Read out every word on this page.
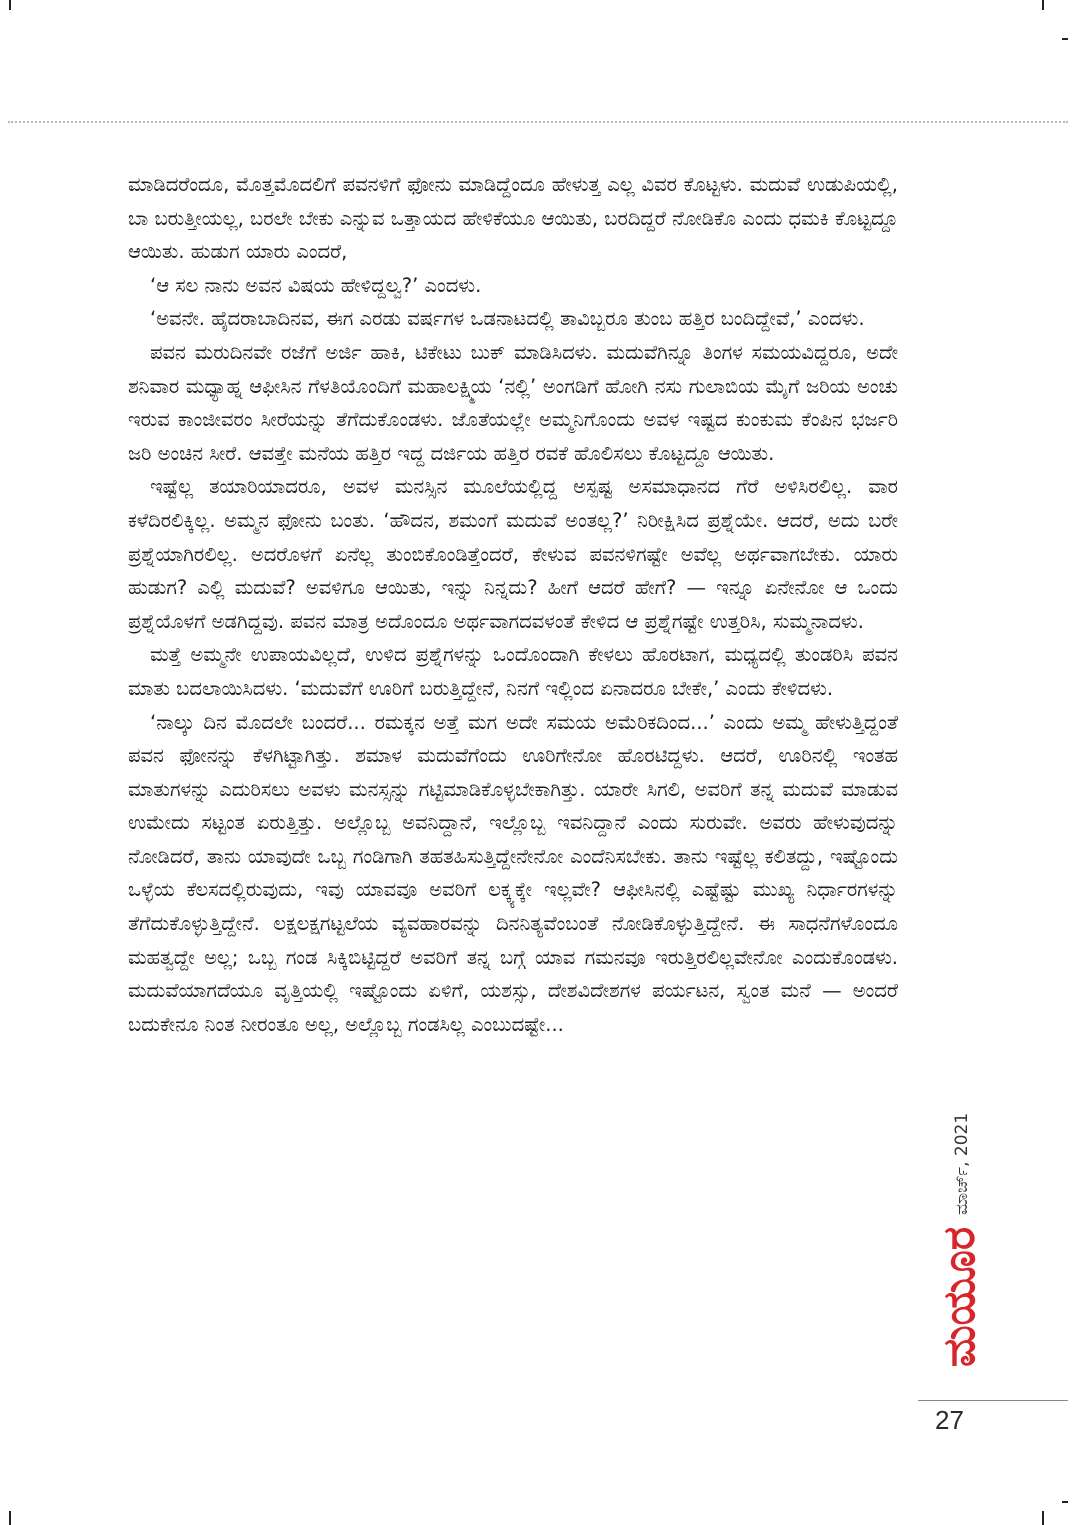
ಮಾಡಿದರೆಂದೂ, ಮೊತ್ತಮೊದಲಿಗೆ ಪವನಳಿಗೆ ಫೋನು ಮಾಡಿದ್ದೆಂದೂ ಹೇಳುತ್ತ ಎಲ್ಲ ವಿವರ ಕೊಟ್ಟಳು. ಮದುವೆ ಉಡುಪಿಯಲ್ಲಿ, ಬಾ ಬರುತ್ತೀಯಲ್ಲ, ಬರಲೇ ಬೇಕು ಎನ್ನುವ ಒತ್ತಾಯದ ಹೇಳಿಕೆಯೂ ಆಯಿತು, ಬರದಿದ್ದರೆ ನೋಡಿಕೊ ಎಂದು ಧಮಕಿ ಕೊಟ್ಟದ್ದೂ ಆಯಿತು. ಹುಡುಗ ಯಾರು ಎಂದರೆ,

‘ಆ ಸಲ ನಾನು ಅವನ ವಿಷಯ ಹೇಳಿದ್ದಲ್ವ?’ ಎಂದಳು.

‘ಅವನೇ. ಹೈದರಾಬಾದಿನವ, ಈಗ ಎರಡು ವರ್ಷಗಳ ಒಡನಾಟದಲ್ಲಿ ತಾವಿಬ್ಬರೂ ತುಂಬ ಹತ್ತಿರ ಬಂದಿದ್ದೇವೆ,’ ಎಂದಳು.

ಪವನ ಮರುದಿನವೇ ರಜೆಗೆ ಅರ್ಜಿ ಹಾಕಿ, ಟಿಕೇಟು ಬುಕ್ ಮಾಡಿಸಿದಳು. ಮದುವೆಗಿನ್ನೂ ತಿಂಗಳ ಸಮಯವಿದ್ದರೂ, ಅದೇ ಶನಿವಾರ ಮಧ್ಯಾಹ್ನ ಆಫೀಸಿನ ಗೆಳತಿಯೊಂದಿಗೆ ಮಹಾಲಕ್ಷ್ಮಿಯ ‘ನಲ್ಲಿ’ ಅಂಗಡಿಗೆ ಹೋಗಿ ನಸು ಗುಲಾಬಿಯ ಮೈಗೆ ಜರಿಯ ಅಂಚು ಇರುವ ಕಾಂಜೀವರಂ ಸೀರೆಯನ್ನು ತೆಗೆದುಕೊಂಡಳು. ಜೊತೆಯಲ್ಲೇ ಅಮ್ಮನಿಗೊಂದು ಅವಳ ಇಷ್ಟದ ಕುಂಕುಮ ಕೆಂಪಿನ ಭರ್ಜರಿ ಜರಿ ಅಂಚಿನ ಸೀರೆ. ಆವತ್ತೇ ಮನೆಯ ಹತ್ತಿರ ಇದ್ದ ದರ್ಜಿಯ ಹತ್ತಿರ ರವಕೆ ಹೊಲಿಸಲು ಕೊಟ್ಟದ್ದೂ ಆಯಿತು.

ಇಷ್ಟೆಲ್ಲ ತಯಾರಿಯಾದರೂ, ಅವಳ ಮನಸ್ಸಿನ ಮೂಲೆಯಲ್ಲಿದ್ದ ಅಸ್ಪಷ್ಟ ಅಸಮಾಧಾನದ ಗೆರೆ ಅಳಿಸಿರಲಿಲ್ಲ. ವಾರ ಕಳೆದಿರಲಿಕ್ಕಿಲ್ಲ. ಅಮ್ಮನ ಫೋನು ಬಂತು. ‘ಹೌದನ, ಶಮಂಗೆ ಮದುವೆ ಅಂತಲ್ಲ?’ ನಿರೀಕ್ಷಿಸಿದ ಪ್ರಶ್ನೆಯೇ. ಆದರೆ, ಅದು ಬರೇ ಪ್ರಶ್ನೆಯಾಗಿರಲಿಲ್ಲ. ಅದರೊಳಗೆ ಏನೆಲ್ಲ ತುಂಬಿಕೊಂಡಿತ್ತೆಂದರೆ, ಕೇಳುವ ಪವನಳಿಗಷ್ಟೇ ಅವೆಲ್ಲ ಅರ್ಥವಾಗಬೇಕು. ಯಾರು ಹುಡುಗ? ಎಲ್ಲಿ ಮದುವೆ? ಅವಳಿಗೂ ಆಯಿತು, ಇನ್ನು ನಿನ್ನದು? ಹೀಗೆ ಆದರೆ ಹೇಗೆ? — ಇನ್ನೂ ಏನೇನೋ ಆ ಒಂದು ಪ್ರಶ್ನೆಯೊಳಗೆ ಅಡಗಿದ್ದವು. ಪವನ ಮಾತ್ರ ಅದೊಂದೂ ಅರ್ಥವಾಗದವಳಂತೆ ಕೇಳಿದ ಆ ಪ್ರಶ್ನೆಗಷ್ಟೇ ಉತ್ತರಿಸಿ, ಸುಮ್ಮನಾದಳು.

ಮತ್ತೆ ಅಮ್ಮನೇ ಉಪಾಯವಿಲ್ಲದೆ, ಉಳಿದ ಪ್ರಶ್ನೆಗಳನ್ನು ಒಂದೊಂದಾಗಿ ಕೇಳಲು ಹೊರಟಾಗ, ಮಧ್ಯದಲ್ಲಿ ತುಂಡರಿಸಿ ಪವನ ಮಾತು ಬದಲಾಯಿಸಿದಳು. ‘ಮದುವೆಗೆ ಊರಿಗೆ ಬರುತ್ತಿದ್ದೇನೆ, ನಿನಗೆ ಇಲ್ಲಿಂದ ಏನಾದರೂ ಬೇಕೇ,’ ಎಂದು ಕೇಳಿದಳು.

‘ನಾಲ್ಕು ದಿನ ಮೊದಲೇ ಬಂದರೆ... ರಮಕ್ಕನ ಅತ್ತೆ ಮಗ ಅದೇ ಸಮಯ ಅಮೆರಿಕದಿಂದ...’ ಎಂದು ಅಮ್ಮ ಹೇಳುತ್ತಿದ್ದಂತೆ ಪವನ ಫೋನನ್ನು ಕೆಳಗಿಟ್ಟಾಗಿತ್ತು. ಶಮಾಳ ಮದುವೆಗೆಂದು ಊರಿಗೇನೋ ಹೊರಟಿದ್ದಳು. ಆದರೆ, ಊರಿನಲ್ಲಿ ಇಂತಹ ಮಾತುಗಳನ್ನು ಎದುರಿಸಲು ಅವಳು ಮನಸ್ಸನ್ನು ಗಟ್ಟಿಮಾಡಿಕೊಳ್ಳಬೇಕಾಗಿತ್ತು. ಯಾರೇ ಸಿಗಲಿ, ಅವರಿಗೆ ತನ್ನ ಮದುವೆ ಮಾಡುವ ಉಮೇದು ಸಟ್ಟಂತ ಏರುತ್ತಿತ್ತು. ಅಲ್ಲೊಬ್ಬ ಅವನಿದ್ದಾನೆ, ಇಲ್ಲೊಬ್ಬ ಇವನಿದ್ದಾನೆ ಎಂದು ಸುರುವೇ. ಅವರು ಹೇಳುವುದನ್ನು ನೋಡಿದರೆ, ತಾನು ಯಾವುದೇ ಒಬ್ಬ ಗಂಡಿಗಾಗಿ ತಹತಹಿಸುತ್ತಿದ್ದೇನೇನೋ ಎಂದೆನಿಸಬೇಕು. ತಾನು ಇಷ್ಟೆಲ್ಲ ಕಲಿತದ್ದು, ಇಷ್ಟೊಂದು ಒಳ್ಳೆಯ ಕೆಲಸದಲ್ಲಿರುವುದು, ಇವು ಯಾವವೂ ಅವರಿಗೆ ಲಕ್ಕ್ಯಕ್ಕೇ ಇಲ್ಲವೇ? ಆಫೀಸಿನಲ್ಲಿ ಎಷ್ಟೆಷ್ಟು ಮುಖ್ಯ ನಿರ್ಧಾರಗಳನ್ನು ತೆಗೆದುಕೊಳ್ಳುತ್ತಿದ್ದೇನೆ. ಲಕ್ಷಲಕ್ಷಗಟ್ಟಲೆಯ ವ್ಯವಹಾರವನ್ನು ದಿನನಿತ್ಯವೆಂಬಂತೆ ನೋಡಿಕೊಳ್ಳುತ್ತಿದ್ದೇನೆ. ಈ ಸಾಧನೆಗಳೊಂದೂ ಮಹತ್ವದ್ದೇ ಅಲ್ಲ; ಒಬ್ಬ ಗಂಡ ಸಿಕ್ಕಿಬಿಟ್ಟಿದ್ದರೆ ಅವರಿಗೆ ತನ್ನ ಬಗ್ಗೆ ಯಾವ ಗಮನವೂ ಇರುತ್ತಿರಲಿಲ್ಲವೇನೋ ಎಂದುಕೊಂಡಳು. ಮದುವೆಯಾಗದೆಯೂ ವೃತ್ತಿಯಲ್ಲಿ ಇಷ್ಟೊಂದು ಏಳಿಗೆ, ಯಶಸ್ಸು, ದೇಶವಿದೇಶಗಳ ಪರ್ಯಟನ, ಸ್ವಂತ ಮನೆ — ಅಂದರೆ ಬದುಕೇನೂ ನಿಂತ ನೀರಂತೂ ಅಲ್ಲ, ಅಲ್ಲೊಬ್ಬ ಗಂಡಸಿಲ್ಲ ಎಂಬುದಷ್ಟೇ...

ಮಾರ್ಚ್, 2021
ಮಯೂರ
27
